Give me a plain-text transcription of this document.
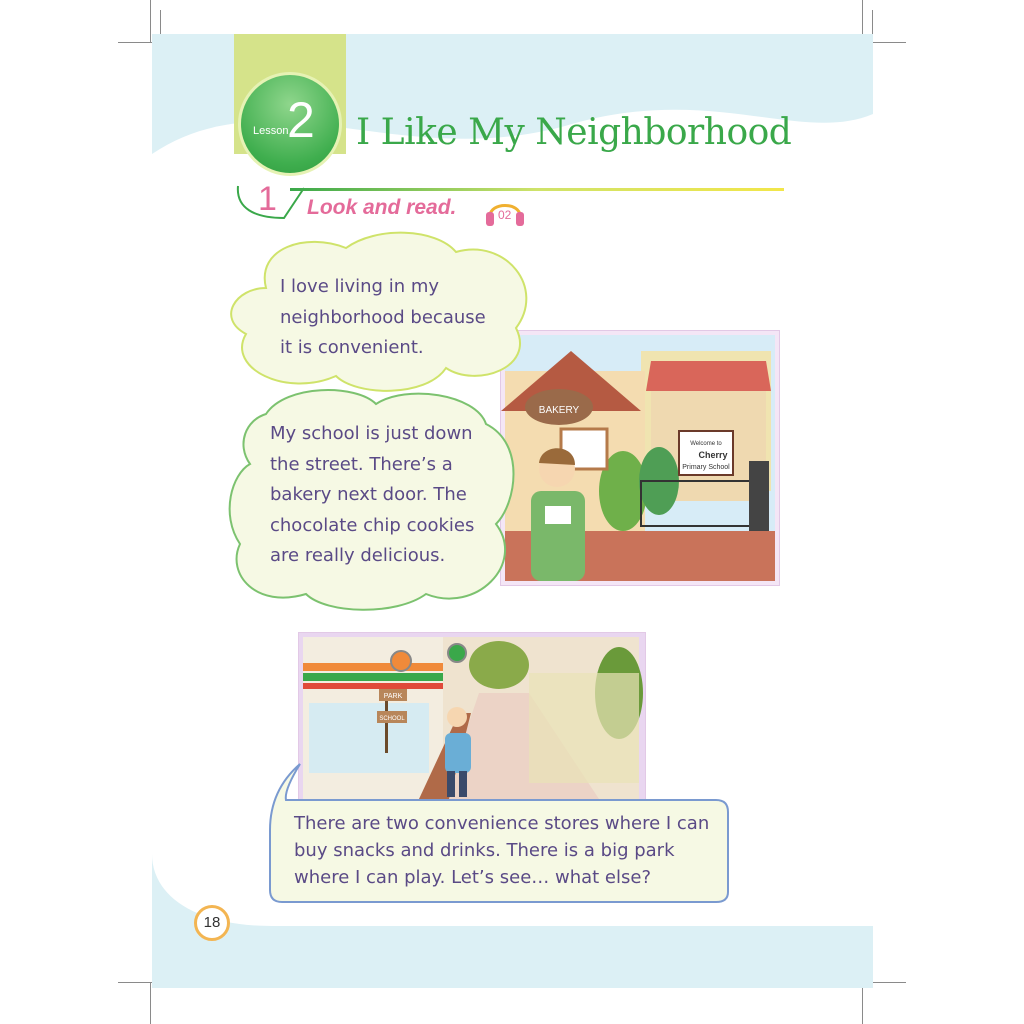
Lesson
2 I Like My Neighborhood
1 Look and read.	02
Welcome to
Cherry
Primary School
BAKERY
I love living in my
neighborhood because
it is convenient.
My school is just down
the street. There’s a
bakery next door. The
chocolate chip cookies
are really delicious.
PARK
SCHOOL
There are two convenience stores where I can
buy snacks and drinks. There is a big park
where I can play. Let’s see… what else?
18
